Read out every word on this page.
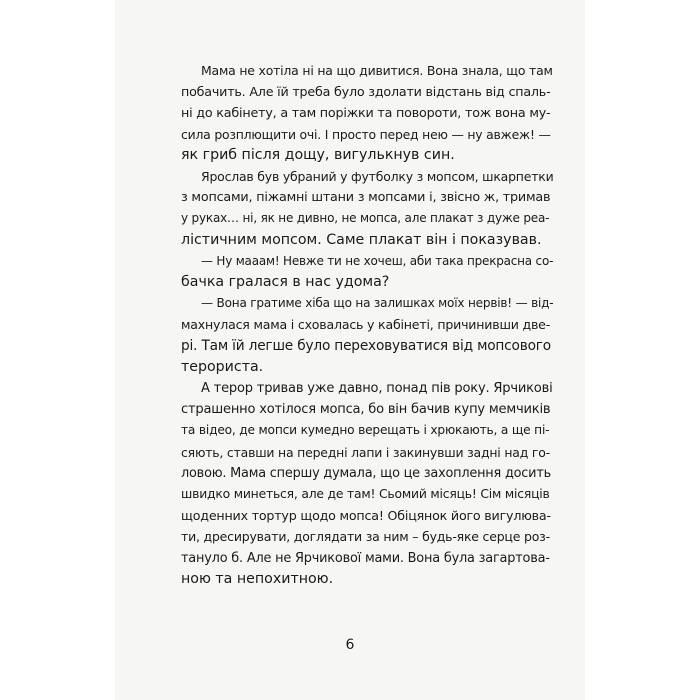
Мама не хотіла ні на що дивитися. Вона знала, що там
побачить. Але їй треба було здолати відстань від спаль-
ні до кабінету, а там поріжки та повороти, тож вона му-
сила розплющити очі. І просто перед нею — ну авжеж! —
як гриб після дощу, вигулькнув син.
Ярослав був убраний у футболку з мопсом, шкарпетки
з мопсами, піжамні штани з мопсами і, звісно ж, тримав
у руках… ні, як не дивно, не мопса, але плакат з дуже реа-
лістичним мопсом. Саме плакат він і показував.
— Ну мааам! Невже ти не хочеш, аби така прекрасна со-
бачка гралася в нас удома?
— Вона гратиме хіба що на залишках моїх нервів! — від-
махнулася мама і сховалась у кабінеті, причинивши две-
рі. Там їй легше було переховуватися від мопсового
терориста.
А терор тривав уже давно, понад пів року. Ярчикові
страшенно хотілося мопса, бо він бачив купу мемчиків
та відео, де мопси кумедно верещать і хрюкають, а ще пі-
сяють, ставши на передні лапи і закинувши задні над го-
ловою. Мама спершу думала, що це захоплення досить
швидко минеться, але де там! Сьомий місяць! Сім місяців
щоденних тортур щодо мопса! Обіцянок його вигулюва-
ти, дресирувати, доглядати за ним – будь-яке серце роз-
тануло б. Але не Ярчикової мами. Вона була загартова-
ною та непохитною.
6
